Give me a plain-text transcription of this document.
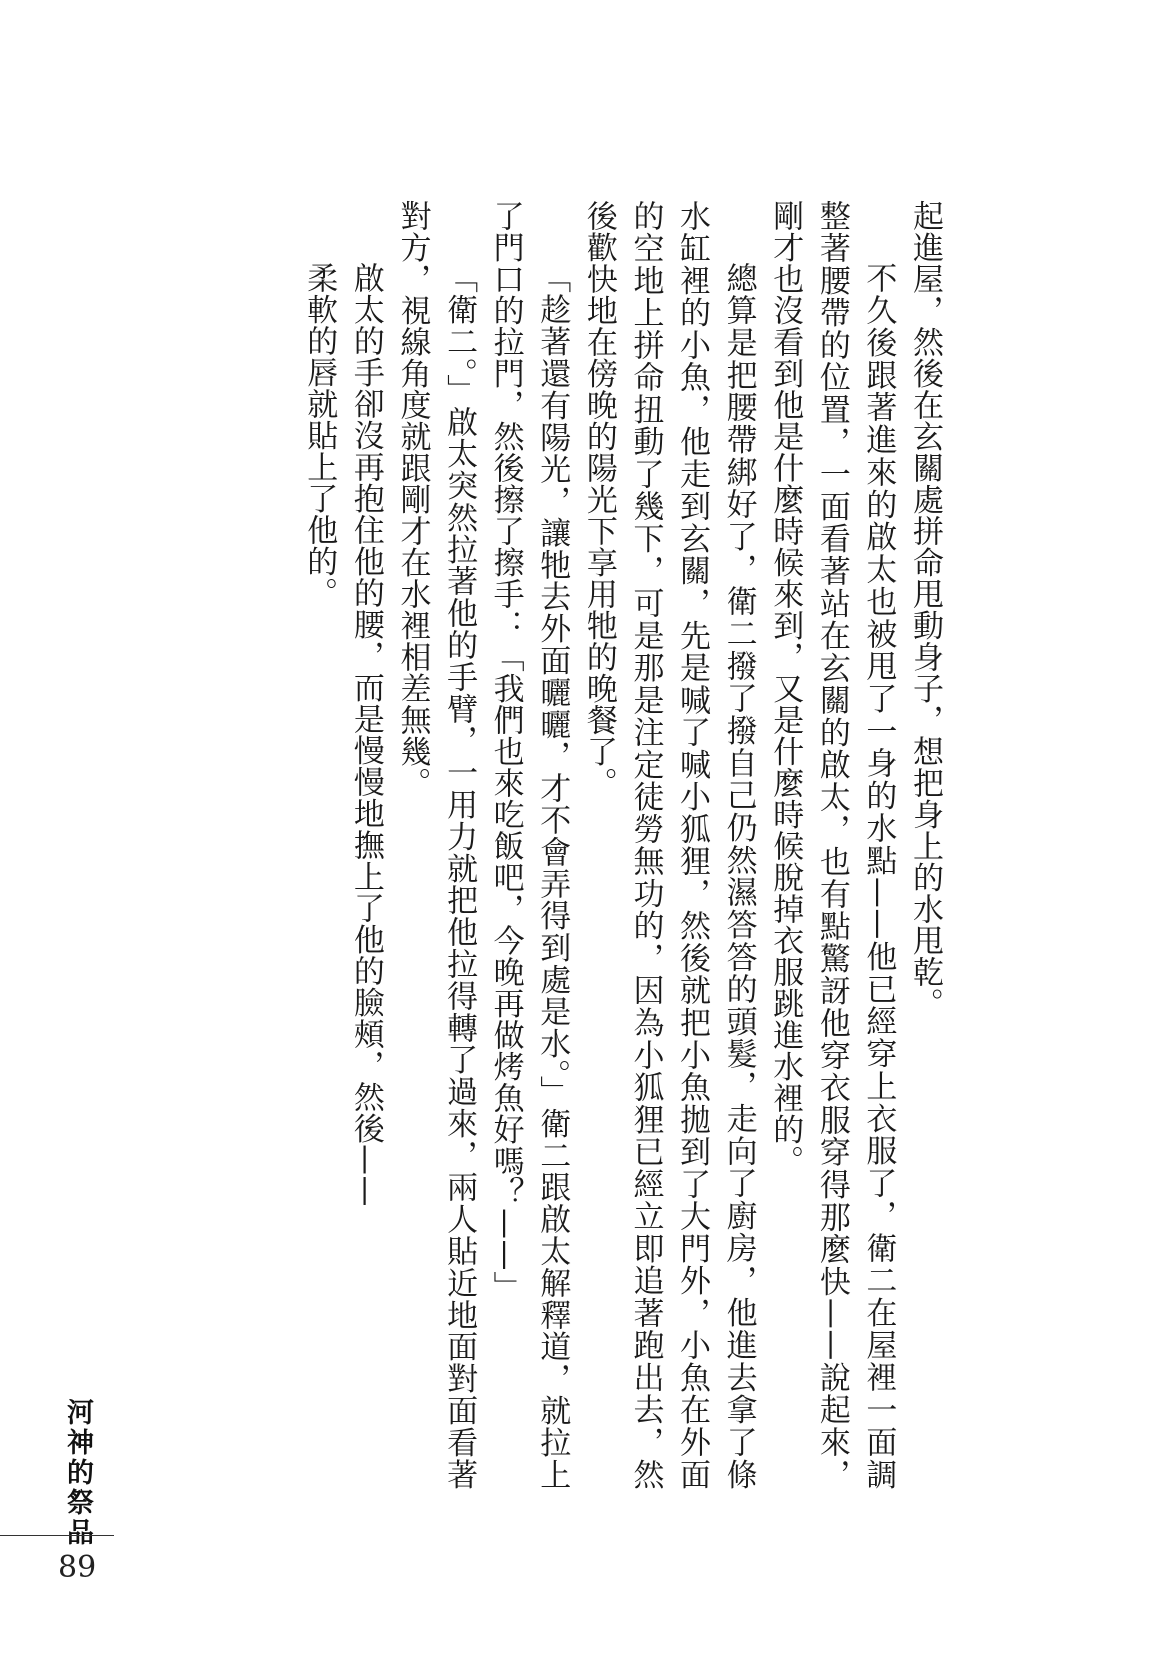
起進屋，然後在玄關處拼命甩動身子，想把身上的水甩乾。

不久後跟著進來的啟太也被甩了一身的水點——他已經穿上衣服了，衛二在屋裡一面調整著腰帶的位置，一面看著站在玄關的啟太，也有點驚訝他穿衣服穿得那麼快——說起來，剛才也沒看到他是什麼時候來到，又是什麼時候脫掉衣服跳進水裡的。

總算是把腰帶綁好了，衛二撥了撥自己仍然濕答答的頭髮，走向了廚房，他進去拿了條水缸裡的小魚，他走到玄關，先是喊了喊小狐狸，然後就把小魚拋到了大門外，小魚在外面的空地上拼命扭動了幾下，可是那是注定徒勞無功的，因為小狐狸已經立即追著跑出去，然後歡快地在傍晚的陽光下享用牠的晚餐了。

「趁著還有陽光，讓牠去外面曬曬，才不會弄得到處是水。」衛二跟啟太解釋道，就拉上了門口的拉門，然後擦了擦手：「我們也來吃飯吧，今晚再做烤魚好嗎？——」

「衛二。」啟太突然拉著他的手臂，一用力就把他拉得轉了過來，兩人貼近地面對面看著對方，視線角度就跟剛才在水裡相差無幾。

啟太的手卻沒再抱住他的腰，而是慢慢地撫上了他的臉頰，然後——

柔軟的唇就貼上了他的。

河神的祭品
89
